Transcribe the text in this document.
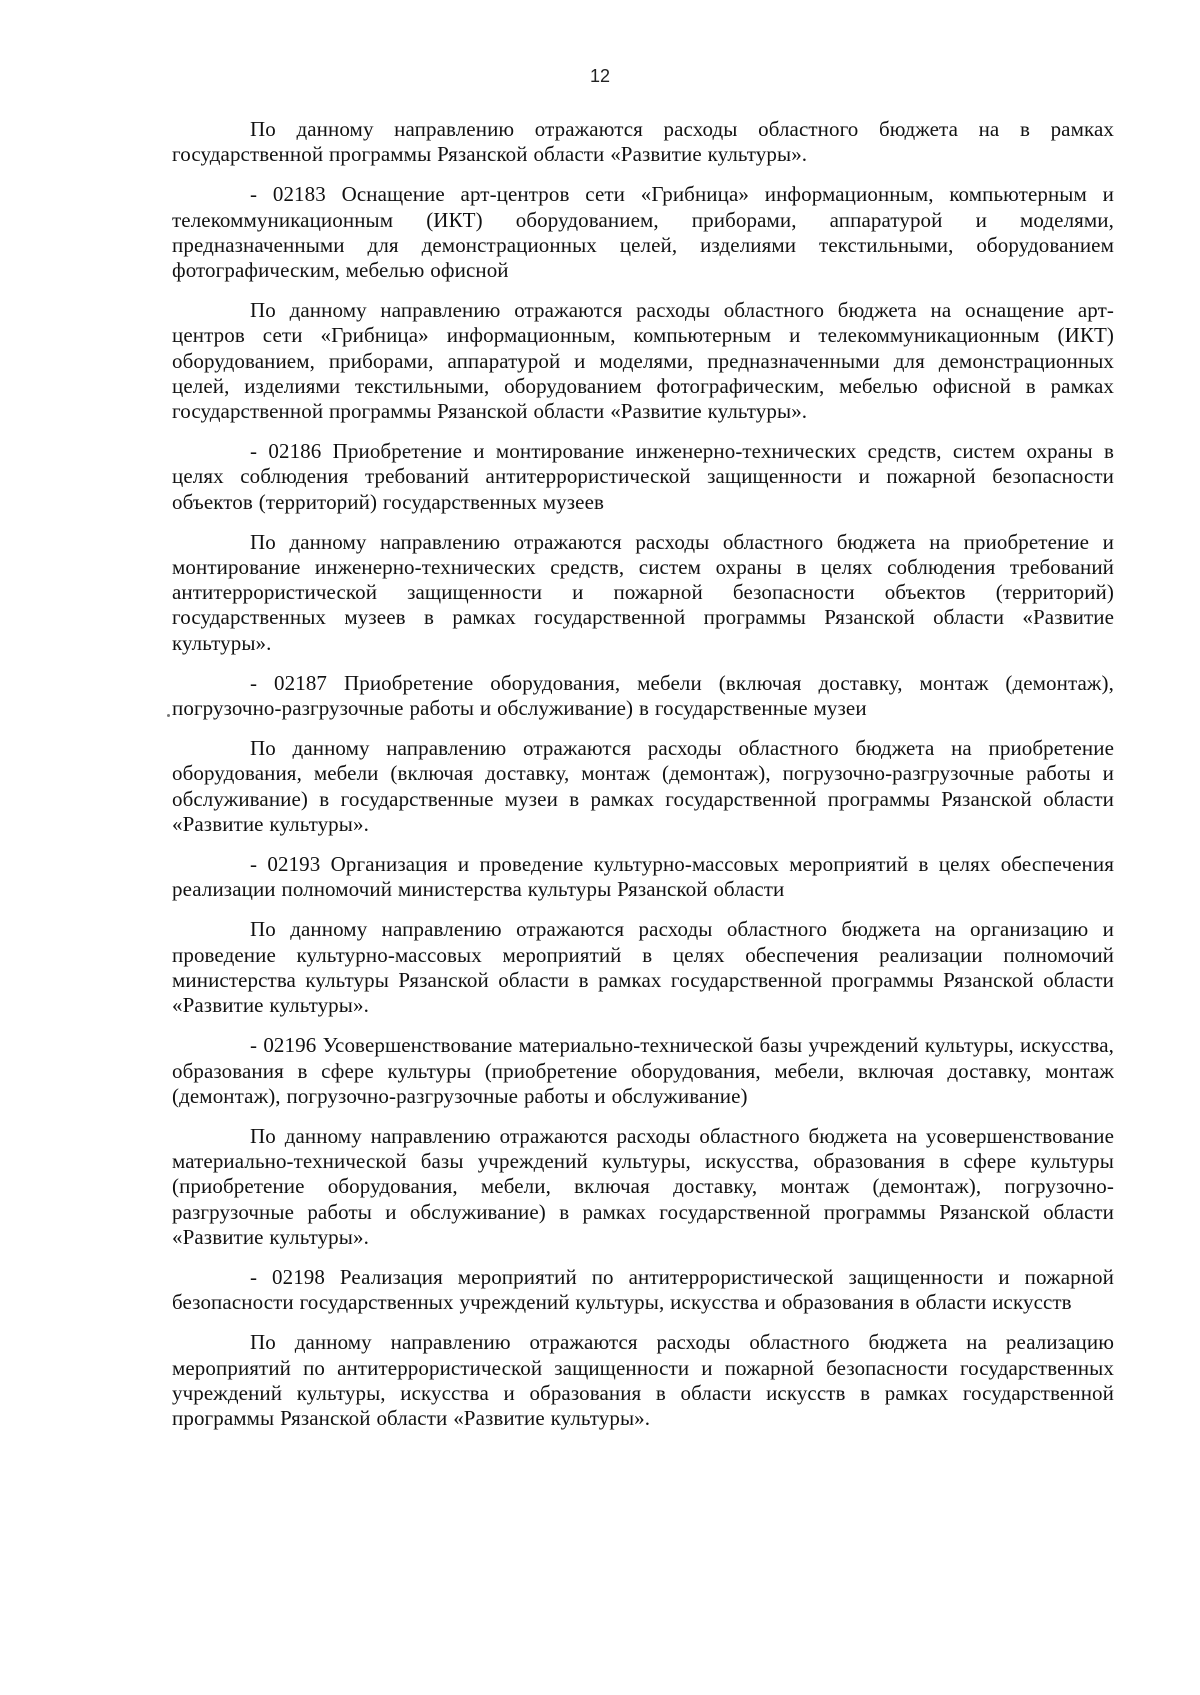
12

По данному направлению отражаются расходы областного бюджета на в рамках государственной программы Рязанской области «Развитие культуры».

- 02183 Оснащение арт-центров сети «Грибница» информационным, компьютерным и телекоммуникационным (ИКТ) оборудованием, приборами, аппаратурой и моделями, предназначенными для демонстрационных целей, изделиями текстильными, оборудованием фотографическим, мебелью офисной

По данному направлению отражаются расходы областного бюджета на оснащение арт-центров сети «Грибница» информационным, компьютерным и телекоммуникационным (ИКТ) оборудованием, приборами, аппаратурой и моделями, предназначенными для демонстрационных целей, изделиями текстильными, оборудованием фотографическим, мебелью офисной в рамках государственной программы Рязанской области «Развитие культуры».

- 02186 Приобретение и монтирование инженерно-технических средств, систем охраны в целях соблюдения требований антитеррористической защищенности и пожарной безопасности объектов (территорий) государственных музеев

По данному направлению отражаются расходы областного бюджета на приобретение и монтирование инженерно-технических средств, систем охраны в целях соблюдения требований антитеррористической защищенности и пожарной безопасности объектов (территорий) государственных музеев в рамках государственной программы Рязанской области «Развитие культуры».

- 02187 Приобретение оборудования, мебели (включая доставку, монтаж (демонтаж), погрузочно-разгрузочные работы и обслуживание) в государственные музеи

По данному направлению отражаются расходы областного бюджета на приобретение оборудования, мебели (включая доставку, монтаж (демонтаж), погрузочно-разгрузочные работы и обслуживание) в государственные музеи в рамках государственной программы Рязанской области «Развитие культуры».

- 02193 Организация и проведение культурно-массовых мероприятий в целях обеспечения реализации полномочий министерства культуры Рязанской области

По данному направлению отражаются расходы областного бюджета на организацию и проведение культурно-массовых мероприятий в целях обеспечения реализации полномочий министерства культуры Рязанской области в рамках государственной программы Рязанской области «Развитие культуры».

- 02196 Усовершенствование материально-технической базы учреждений культуры, искусства, образования в сфере культуры (приобретение оборудования, мебели, включая доставку, монтаж (демонтаж), погрузочно-разгрузочные работы и обслуживание)

По данному направлению отражаются расходы областного бюджета на усовершенствование материально-технической базы учреждений культуры, искусства, образования в сфере культуры (приобретение оборудования, мебели, включая доставку, монтаж (демонтаж), погрузочно-разгрузочные работы и обслуживание) в рамках государственной программы Рязанской области «Развитие культуры».

- 02198 Реализация мероприятий по антитеррористической защищенности и пожарной безопасности государственных учреждений культуры, искусства и образования в области искусств

По данному направлению отражаются расходы областного бюджета на реализацию мероприятий по антитеррористической защищенности и пожарной безопасности государственных учреждений культуры, искусства и образования в области искусств в рамках государственной программы Рязанской области «Развитие культуры».
